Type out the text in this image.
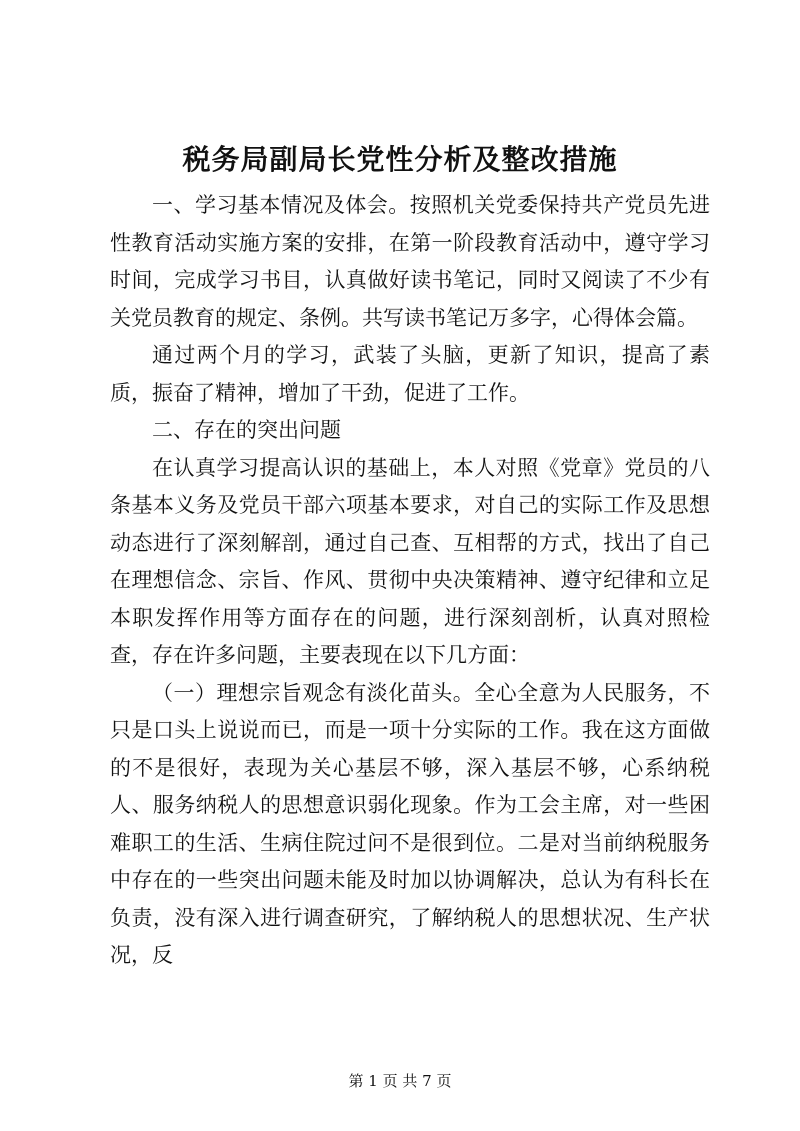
税务局副局长党性分析及整改措施

一、学习基本情况及体会。按照机关党委保持共产党员先进性教育活动实施方案的安排，在第一阶段教育活动中，遵守学习时间，完成学习书目，认真做好读书笔记，同时又阅读了不少有关党员教育的规定、条例。共写读书笔记万多字，心得体会篇。

通过两个月的学习，武装了头脑，更新了知识，提高了素质，振奋了精神，增加了干劲，促进了工作。

二、存在的突出问题

在认真学习提高认识的基础上，本人对照《党章》党员的八条基本义务及党员干部六项基本要求，对自己的实际工作及思想动态进行了深刻解剖，通过自己查、互相帮的方式，找出了自己在理想信念、宗旨、作风、贯彻中央决策精神、遵守纪律和立足本职发挥作用等方面存在的问题，进行深刻剖析，认真对照检查，存在许多问题，主要表现在以下几方面：

（一）理想宗旨观念有淡化苗头。全心全意为人民服务，不只是口头上说说而已，而是一项十分实际的工作。我在这方面做的不是很好，表现为关心基层不够，深入基层不够，心系纳税人、服务纳税人的思想意识弱化现象。作为工会主席，对一些困难职工的生活、生病住院过问不是很到位。二是对当前纳税服务中存在的一些突出问题未能及时加以协调解决，总认为有科长在负责，没有深入进行调查研究，了解纳税人的思想状况、生产状况，反

第 1 页 共 7 页
